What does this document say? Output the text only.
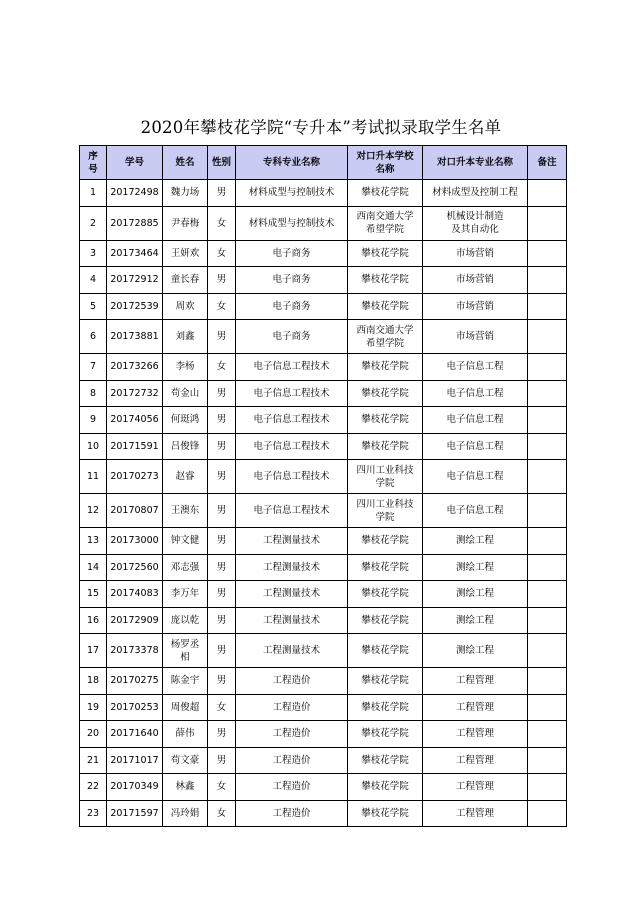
2020年攀枝花学院“专升本”考试拟录取学生名单
序
号	学号	姓名	性别	专科专业名称	对口升本学校
名称	对口升本专业名称	备注

1	20172498	魏力场	男	材料成型与控制技术	攀枝花学院	材料成型及控制工程	

2	20172885	尹春梅	女	材料成型与控制技术	西南交通大学
希望学院	机械设计制造
及其自动化	

3	20173464	王妍欢	女	电子商务	攀枝花学院	市场营销	

4	20172912	童长春	男	电子商务	攀枝花学院	市场营销	

5	20172539	周欢	女	电子商务	攀枝花学院	市场营销	

6	20173881	刘鑫	男	电子商务	西南交通大学
希望学院	市场营销	

7	20173266	李杨	女	电子信息工程技术	攀枝花学院	电子信息工程	

8	20172732	苟金山	男	电子信息工程技术	攀枝花学院	电子信息工程	

9	20174056	何珽鸿	男	电子信息工程技术	攀枝花学院	电子信息工程	

10	20171591	吕俊锋	男	电子信息工程技术	攀枝花学院	电子信息工程	

11	20170273	赵睿	男	电子信息工程技术	四川工业科技
学院	电子信息工程	

12	20170807	王澳东	男	电子信息工程技术	四川工业科技
学院	电子信息工程	

13	20173000	钟文健	男	工程测量技术	攀枝花学院	测绘工程	

14	20172560	邓志强	男	工程测量技术	攀枝花学院	测绘工程	

15	20174083	李万年	男	工程测量技术	攀枝花学院	测绘工程	

16	20172909	庞以乾	男	工程测量技术	攀枝花学院	测绘工程	

17	20173378	杨罗丞
相	男	工程测量技术	攀枝花学院	测绘工程	

18	20170275	陈金宇	男	工程造价	攀枝花学院	工程管理	

19	20170253	周俊超	女	工程造价	攀枝花学院	工程管理	

20	20171640	薛伟	男	工程造价	攀枝花学院	工程管理	

21	20171017	苟文豪	男	工程造价	攀枝花学院	工程管理	

22	20170349	林鑫	女	工程造价	攀枝花学院	工程管理	

23	20171597	冯玲娟	女	工程造价	攀枝花学院	工程管理	
